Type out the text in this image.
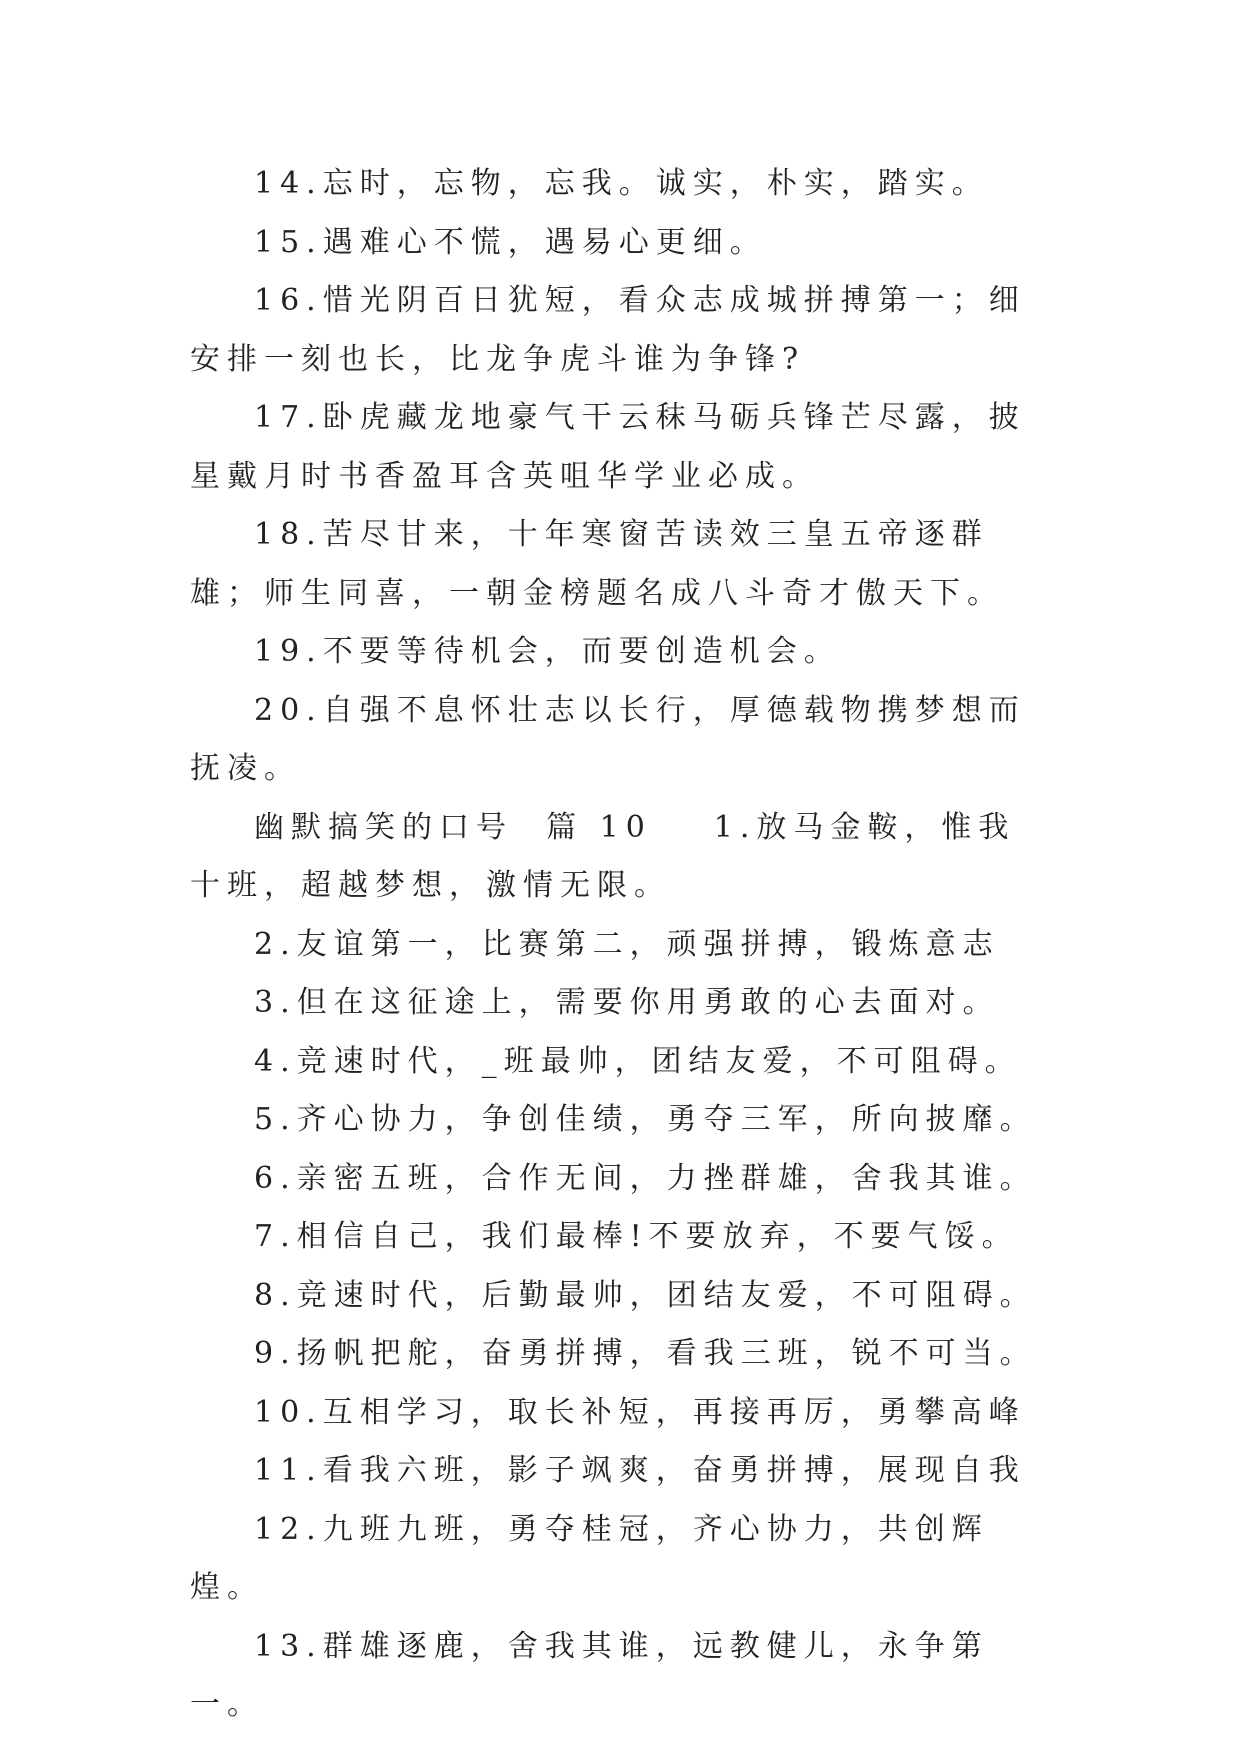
14.忘时，忘物，忘我。诚实，朴实，踏实。

15.遇难心不慌，遇易心更细。

16.惜光阴百日犹短，看众志成城拼搏第一；细安排一刻也长，比龙争虎斗谁为争锋?

17.卧虎藏龙地豪气干云秣马砺兵锋芒尽露，披星戴月时书香盈耳含英咀华学业必成。

18.苦尽甘来，十年寒窗苦读效三皇五帝逐群雄；师生同喜，一朝金榜题名成八斗奇才傲天下。

19.不要等待机会，而要创造机会。

20.自强不息怀壮志以长行，厚德载物携梦想而抚凌。

幽默搞笑的口号  篇 10 1.放马金鞍，惟我十班，超越梦想，激情无限。

2.友谊第一，比赛第二，顽强拼搏，锻炼意志

3.但在这征途上，需要你用勇敢的心去面对。

4.竞速时代，_班最帅，团结友爱，不可阻碍。

5.齐心协力，争创佳绩，勇夺三军，所向披靡。

6.亲密五班，合作无间，力挫群雄，舍我其谁。

7.相信自己，我们最棒!不要放弃，不要气馁。

8.竞速时代，后勤最帅，团结友爱，不可阻碍。

9.扬帆把舵，奋勇拼搏，看我三班，锐不可当。

10.互相学习，取长补短，再接再厉，勇攀高峰

11.看我六班，影子飒爽，奋勇拼搏，展现自我

12.九班九班，勇夺桂冠，齐心协力，共创辉煌。

13.群雄逐鹿，舍我其谁，远教健儿，永争第一。
